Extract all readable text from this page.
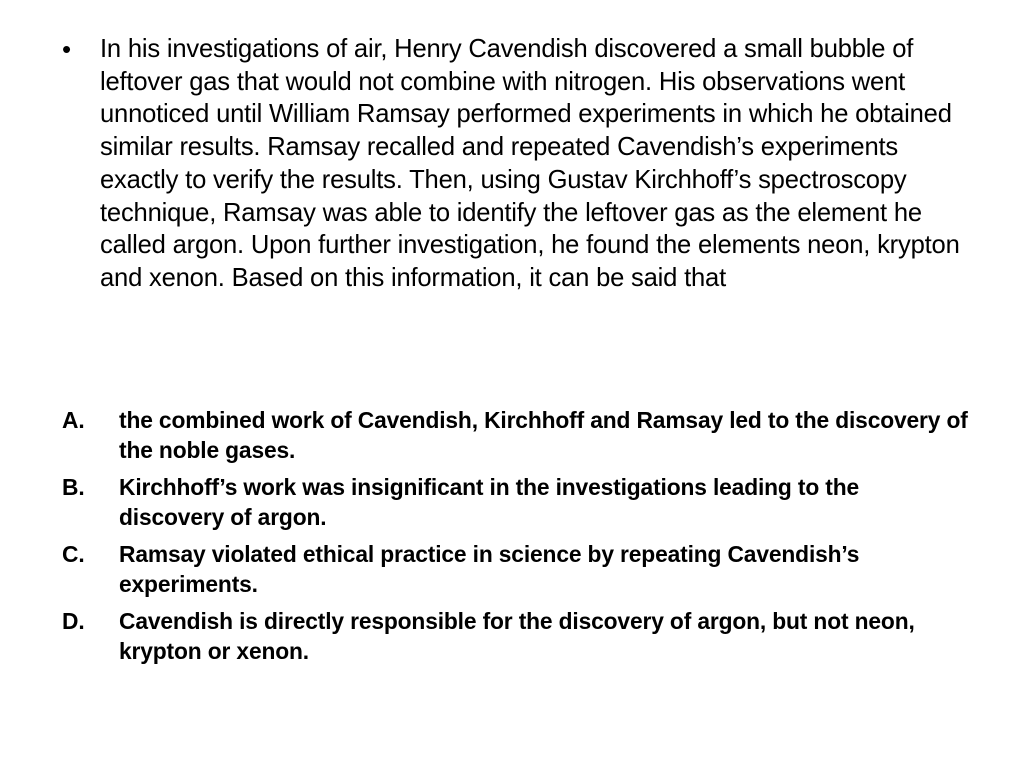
•	In his investigations of air, Henry Cavendish discovered a small bubble of leftover gas that would not combine with nitrogen. His observations went unnoticed until William Ramsay performed experiments in which he obtained similar results. Ramsay recalled and repeated Cavendish’s experiments exactly to verify the results. Then, using Gustav Kirchhoff’s spectroscopy technique, Ramsay was able to identify the leftover gas as the element he called argon. Upon further investigation, he found the elements neon, krypton and xenon. Based on this information, it can be said that

A.	the combined work of Cavendish, Kirchhoff and Ramsay led to the discovery of the noble gases.
B.	Kirchhoff’s work was insignificant in the investigations leading to the discovery of argon.
C.	Ramsay violated ethical practice in science by repeating Cavendish’s experiments.
D.	Cavendish is directly responsible for the discovery of argon, but not neon, krypton or xenon.
